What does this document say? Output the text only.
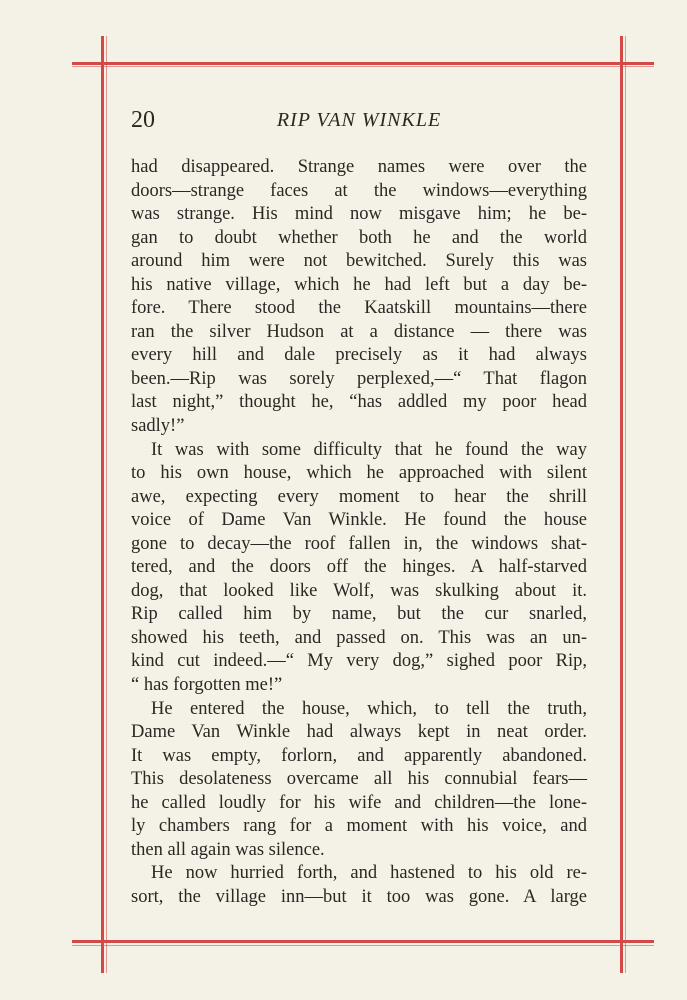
20	RIP VAN WINKLE

had disappeared. Strange names were over the

doors—strange faces at the windows—everything

was strange. His mind now misgave him; he be-

gan to doubt whether both he and the world

around him were not bewitched. Surely this was

his native village, which he had left but a day be-

fore. There stood the Kaatskill mountains—there

ran the silver Hudson at a distance — there was

every hill and dale precisely as it had always

been.—Rip was sorely perplexed,—“ That flagon

last night,” thought he, “has addled my poor head

sadly!”

It was with some difficulty that he found the way

to his own house, which he approached with silent

awe, expecting every moment to hear the shrill

voice of Dame Van Winkle. He found the house

gone to decay—the roof fallen in, the windows shat-

tered, and the doors off the hinges. A half-starved

dog, that looked like Wolf, was skulking about it.

Rip called him by name, but the cur snarled,

showed his teeth, and passed on. This was an un-

kind cut indeed.—“ My very dog,” sighed poor Rip,

“ has forgotten me!”

He entered the house, which, to tell the truth,

Dame Van Winkle had always kept in neat order.

It was empty, forlorn, and apparently abandoned.

This desolateness overcame all his connubial fears—

he called loudly for his wife and children—the lone-

ly chambers rang for a moment with his voice, and

then all again was silence.

He now hurried forth, and hastened to his old re-

sort, the village inn—but it too was gone. A large
